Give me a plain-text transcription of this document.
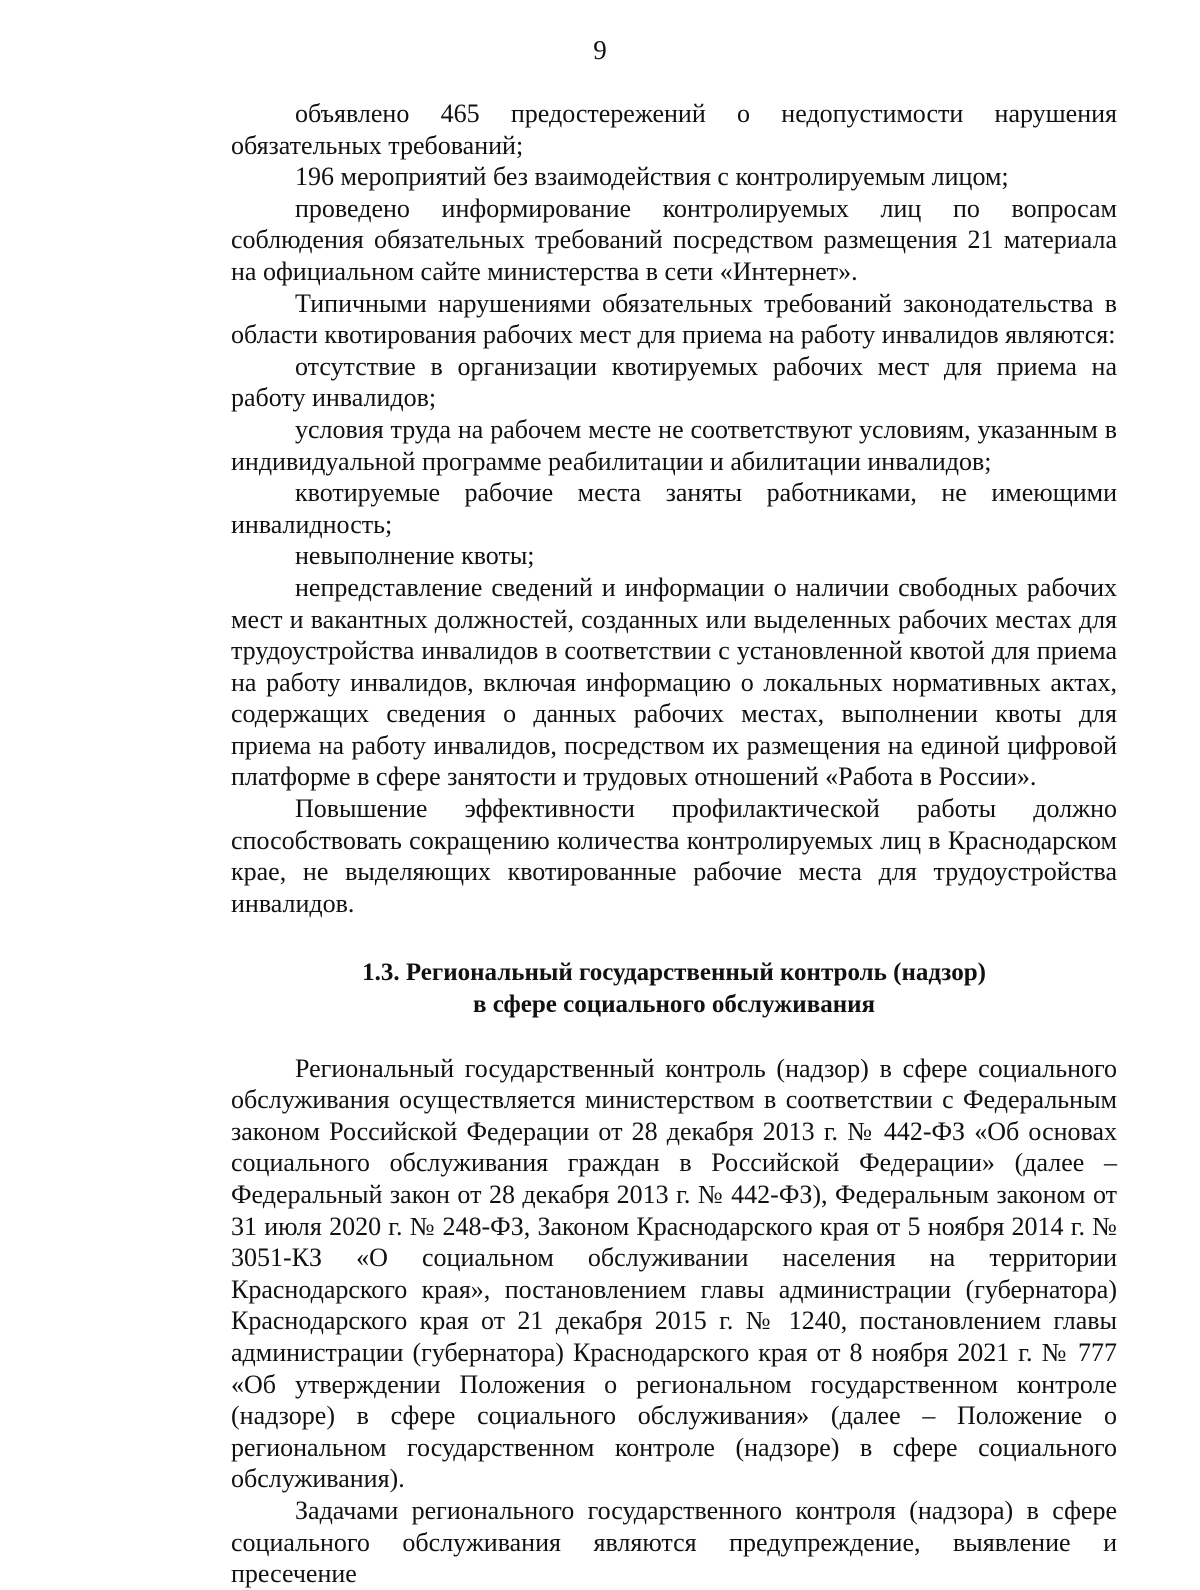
9

объявлено 465 предостережений о недопустимости нарушения обязательных требований;

196 мероприятий без взаимодействия с контролируемым лицом;

проведено информирование контролируемых лиц по вопросам соблюдения обязательных требований посредством размещения 21 материала на официальном сайте министерства в сети «Интернет».

Типичными нарушениями обязательных требований законодательства в области квотирования рабочих мест для приема на работу инвалидов являются:

отсутствие в организации квотируемых рабочих мест для приема на работу инвалидов;

условия труда на рабочем месте не соответствуют условиям, указанным в индивидуальной программе реабилитации и абилитации инвалидов;

квотируемые рабочие места заняты работниками, не имеющими инвалидность;

невыполнение квоты;

непредставление сведений и информации о наличии свободных рабочих мест и вакантных должностей, созданных или выделенных рабочих местах для трудоустройства инвалидов в соответствии с установленной квотой для приема на работу инвалидов, включая информацию о локальных нормативных актах, содержащих сведения о данных рабочих местах, выполнении квоты для приема на работу инвалидов, посредством их размещения на единой цифровой платформе в сфере занятости и трудовых отношений «Работа в России».

Повышение эффективности профилактической работы должно способствовать сокращению количества контролируемых лиц в Краснодарском крае, не выделяющих квотированные рабочие места для трудоустройства инвалидов.

1.3. Региональный государственный контроль (надзор)
в сфере социального обслуживания

Региональный государственный контроль (надзор) в сфере социального обслуживания осуществляется министерством в соответствии с Федеральным законом Российской Федерации от 28 декабря 2013 г. № 442-ФЗ «Об основах социального обслуживания граждан в Российской Федерации» (далее – Федеральный закон от 28 декабря 2013 г. № 442-ФЗ), Федеральным законом от 31 июля 2020 г. № 248-ФЗ, Законом Краснодарского края от 5 ноября 2014 г. № 3051-КЗ «О социальном обслуживании населения на территории Краснодарского края», постановлением главы администрации (губернатора) Краснодарского края от 21 декабря 2015 г. № 1240, постановлением главы администрации (губернатора) Краснодарского края от 8 ноября 2021 г. № 777 «Об утверждении Положения о региональном государственном контроле (надзоре) в сфере социального обслуживания» (далее – Положение о региональном государственном контроле (надзоре) в сфере социального обслуживания).

Задачами регионального государственного контроля (надзора) в сфере социального обслуживания являются предупреждение, выявление и пресечение
